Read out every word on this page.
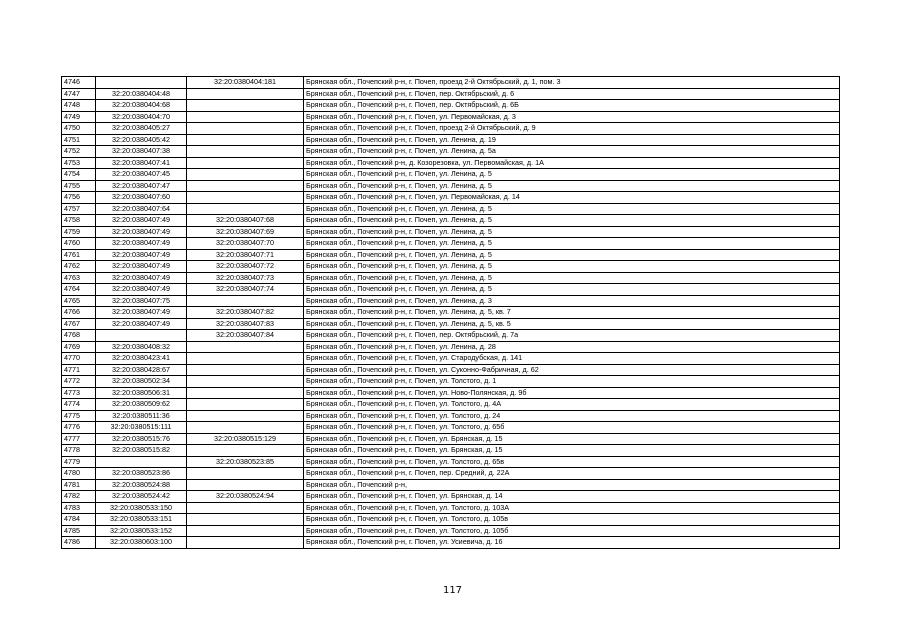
4746		32:20:0380404:181	Брянская обл., Почепский р-н, г. Почеп, проезд 2-й Октябрьский, д. 1, пом. 3
4747	32:20:0380404:48		Брянская обл., Почепский р-н, г. Почеп, пер. Октябрьский, д. 6
4748	32:20:0380404:68		Брянская обл., Почепский р-н, г. Почеп, пер. Октябрьский, д. 6Б
4749	32:20:0380404:70		Брянская обл., Почепский р-н, г. Почеп, ул. Первомайская, д. 3
4750	32:20:0380405:27		Брянская обл., Почепский р-н, г. Почеп, проезд 2-й Октябрьский, д. 9
4751	32:20:0380405:42		Брянская обл., Почепский р-н, г. Почеп, ул. Ленина, д. 19
4752	32:20:0380407:38		Брянская обл., Почепский р-н, г. Почеп, ул. Ленина, д. 5а
4753	32:20:0380407:41		Брянская обл., Почепский р-н, д. Козорезовка, ул. Первомайская, д. 1А
4754	32:20:0380407:45		Брянская обл., Почепский р-н, г. Почеп, ул. Ленина, д. 5
4755	32:20:0380407:47		Брянская обл., Почепский р-н, г. Почеп, ул. Ленина, д. 5
4756	32:20:0380407:60		Брянская обл., Почепский р-н, г. Почеп, ул. Первомайская, д. 14
4757	32:20:0380407:64		Брянская обл., Почепский р-н, г. Почеп, ул. Ленина, д. 5
4758	32:20:0380407:49	32:20:0380407:68	Брянская обл., Почепский р-н, г. Почеп, ул. Ленина, д. 5
4759	32:20:0380407:49	32:20:0380407:69	Брянская обл., Почепский р-н, г. Почеп, ул. Ленина, д. 5
4760	32:20:0380407:49	32:20:0380407:70	Брянская обл., Почепский р-н, г. Почеп, ул. Ленина, д. 5
4761	32:20:0380407:49	32:20:0380407:71	Брянская обл., Почепский р-н, г. Почеп, ул. Ленина, д. 5
4762	32:20:0380407:49	32:20:0380407:72	Брянская обл., Почепский р-н, г. Почеп, ул. Ленина, д. 5
4763	32:20:0380407:49	32:20:0380407:73	Брянская обл., Почепский р-н, г. Почеп, ул. Ленина, д. 5
4764	32:20:0380407:49	32:20:0380407:74	Брянская обл., Почепский р-н, г. Почеп, ул. Ленина, д. 5
4765	32:20:0380407:75		Брянская обл., Почепский р-н, г. Почеп, ул. Ленина, д. 3
4766	32:20:0380407:49	32:20:0380407:82	Брянская обл., Почепский р-н, г. Почеп, ул. Ленина, д. 5, кв. 7
4767	32:20:0380407:49	32:20:0380407:83	Брянская обл., Почепский р-н, г. Почеп, ул. Ленина, д. 5, кв. 5
4768		32:20:0380407:84	Брянская обл., Почепский р-н, г. Почеп, пер. Октябрьский, д. 7а
4769	32:20:0380408:32		Брянская обл., Почепский р-н, г. Почеп, ул. Ленина, д. 28
4770	32:20:0380423:41		Брянская обл., Почепский р-н, г. Почеп, ул. Стародубская, д. 141
4771	32:20:0380428:67		Брянская обл., Почепский р-н, г. Почеп, ул. Суконно-Фабричная, д. 62
4772	32:20:0380502:34		Брянская обл., Почепский р-н, г. Почеп, ул. Толстого, д. 1
4773	32:20:0380506:31		Брянская обл., Почепский р-н, г. Почеп, ул. Ново-Полянская, д. 9б
4774	32:20:0380509:62		Брянская обл., Почепский р-н, г. Почеп, ул. Толстого, д. 4А
4775	32:20:0380511:36		Брянская обл., Почепский р-н, г. Почеп, ул. Толстого, д. 24
4776	32:20:0380515:111		Брянская обл., Почепский р-н, г. Почеп, ул. Толстого, д. 65б
4777	32:20:0380515:76	32:20:0380515:129	Брянская обл., Почепский р-н, г. Почеп, ул. Брянская, д. 15
4778	32:20:0380515:82		Брянская обл., Почепский р-н, г. Почеп, ул. Брянская, д. 15
4779		32:20:0380523:85	Брянская обл., Почепский р-н, г. Почеп, ул. Толстого, д. 65в
4780	32:20:0380523:86		Брянская обл., Почепский р-н, г. Почеп, пер. Средний, д. 22А
4781	32:20:0380524:88		Брянская обл., Почепский р-н,
4782	32:20:0380524:42	32:20:0380524:94	Брянская обл., Почепский р-н, г. Почеп, ул. Брянская, д. 14
4783	32:20:0380533:150		Брянская обл., Почепский р-н, г. Почеп, ул. Толстого, д. 103А
4784	32:20:0380533:151		Брянская обл., Почепский р-н, г. Почеп, ул. Толстого, д. 105в
4785	32:20:0380533:152		Брянская обл., Почепский р-н, г. Почеп, ул. Толстого, д. 105б
4786	32:20:0380603:100		Брянская обл., Почепский р-н, г. Почеп, ул. Усиевича, д. 16
117
